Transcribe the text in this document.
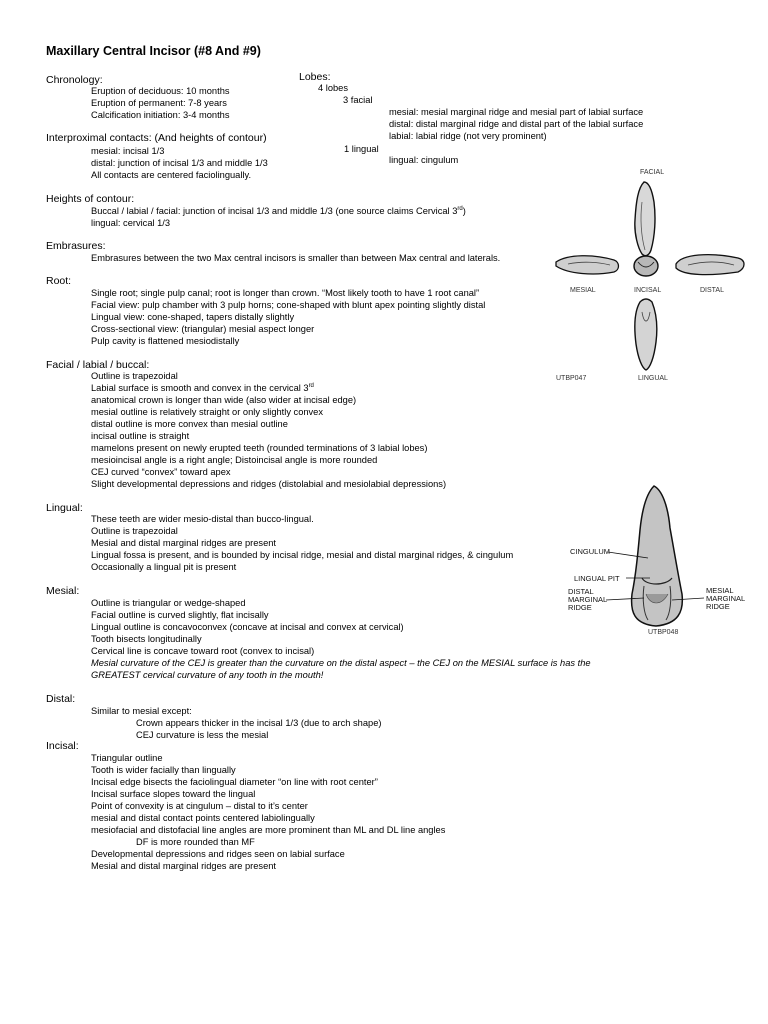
Maxillary Central Incisor (#8 And #9)
Chronology:
Eruption of deciduous: 10 months
Eruption of permanent: 7-8 years
Calcification initiation: 3-4 months
Lobes:
4 lobes
3 facial
mesial: mesial marginal ridge and mesial part of labial surface
distal: distal marginal ridge and distal part of the labial surface
labial: labial ridge (not very prominent)
1 lingual
lingual: cingulum
Interproximal contacts: (And heights of contour)
mesial: incisal 1/3
distal: junction of incisal 1/3 and middle 1/3
All contacts are centered faciolingually.
Heights of contour:
Buccal / labial / facial: junction of incisal 1/3 and middle 1/3 (one source claims Cervical 3rd)
lingual: cervical 1/3
Embrasures:
Embrasures between the two Max central incisors is smaller than between Max central and laterals.
Root:
Single root; single pulp canal; root is longer than crown. “Most likely tooth to have 1 root canal”
Facial view: pulp chamber with 3 pulp horns; cone-shaped with blunt apex pointing slightly distal
Lingual view: cone-shaped, tapers distally slightly
Cross-sectional view: (triangular) mesial aspect longer
Pulp cavity is flattened mesiodistally
Facial / labial / buccal:
Outline is trapezoidal
Labial surface is smooth and convex in the cervical 3rd
anatomical crown is longer than wide (also wider at incisal edge)
mesial outline is relatively straight or only slightly convex
distal outline is more convex than mesial outline
incisal outline is straight
mamelons present on newly erupted teeth (rounded terminations of 3 labial lobes)
mesioincisal angle is a right angle; Distoincisal angle is more rounded
CEJ curved “convex” toward apex
Slight developmental depressions and ridges (distolabial and mesiolabial depressions)
Lingual:
These teeth are wider mesio-distal than bucco-lingual.
Outline is trapezoidal
Mesial and distal marginal ridges are present
Lingual fossa is present, and is bounded by incisal ridge, mesial and distal marginal ridges, & cingulum
Occasionally a lingual pit is present
Mesial:
Outline is triangular or wedge-shaped
Facial outline is curved slightly, flat incisally
Lingual outline is concavoconvex (concave at incisal and convex at cervical)
Tooth bisects longitudinally
Cervical line is concave toward root (convex to incisal)
Mesial curvature of the CEJ is greater than the curvature on the distal aspect – the CEJ on the MESIAL surface is has the
GREATEST cervical curvature of any tooth in the mouth!
Distal:
Similar to mesial except:
Crown appears thicker in the incisal 1/3 (due to arch shape)
CEJ curvature is less the mesial
Incisal:
Triangular outline
Tooth is wider facially than lingually
Incisal edge bisects the faciolingual diameter “on line with root center”
Incisal surface slopes toward the lingual
Point of convexity is at cingulum – distal to it’s center
mesial and distal contact points centered labiolingually
mesiofacial and distofacial line angles are more prominent than ML and DL line angles
DF is more rounded than MF
Developmental depressions and ridges seen on labial surface
Mesial and distal marginal ridges are present
FACIAL
MESIAL	INCISAL	DISTAL
UTBP047	LINGUAL
CINGULUM
LINGUAL PIT
DISTAL
MARGINAL
RIDGE
MESIAL
MARGINAL
RIDGE
UTBP048
